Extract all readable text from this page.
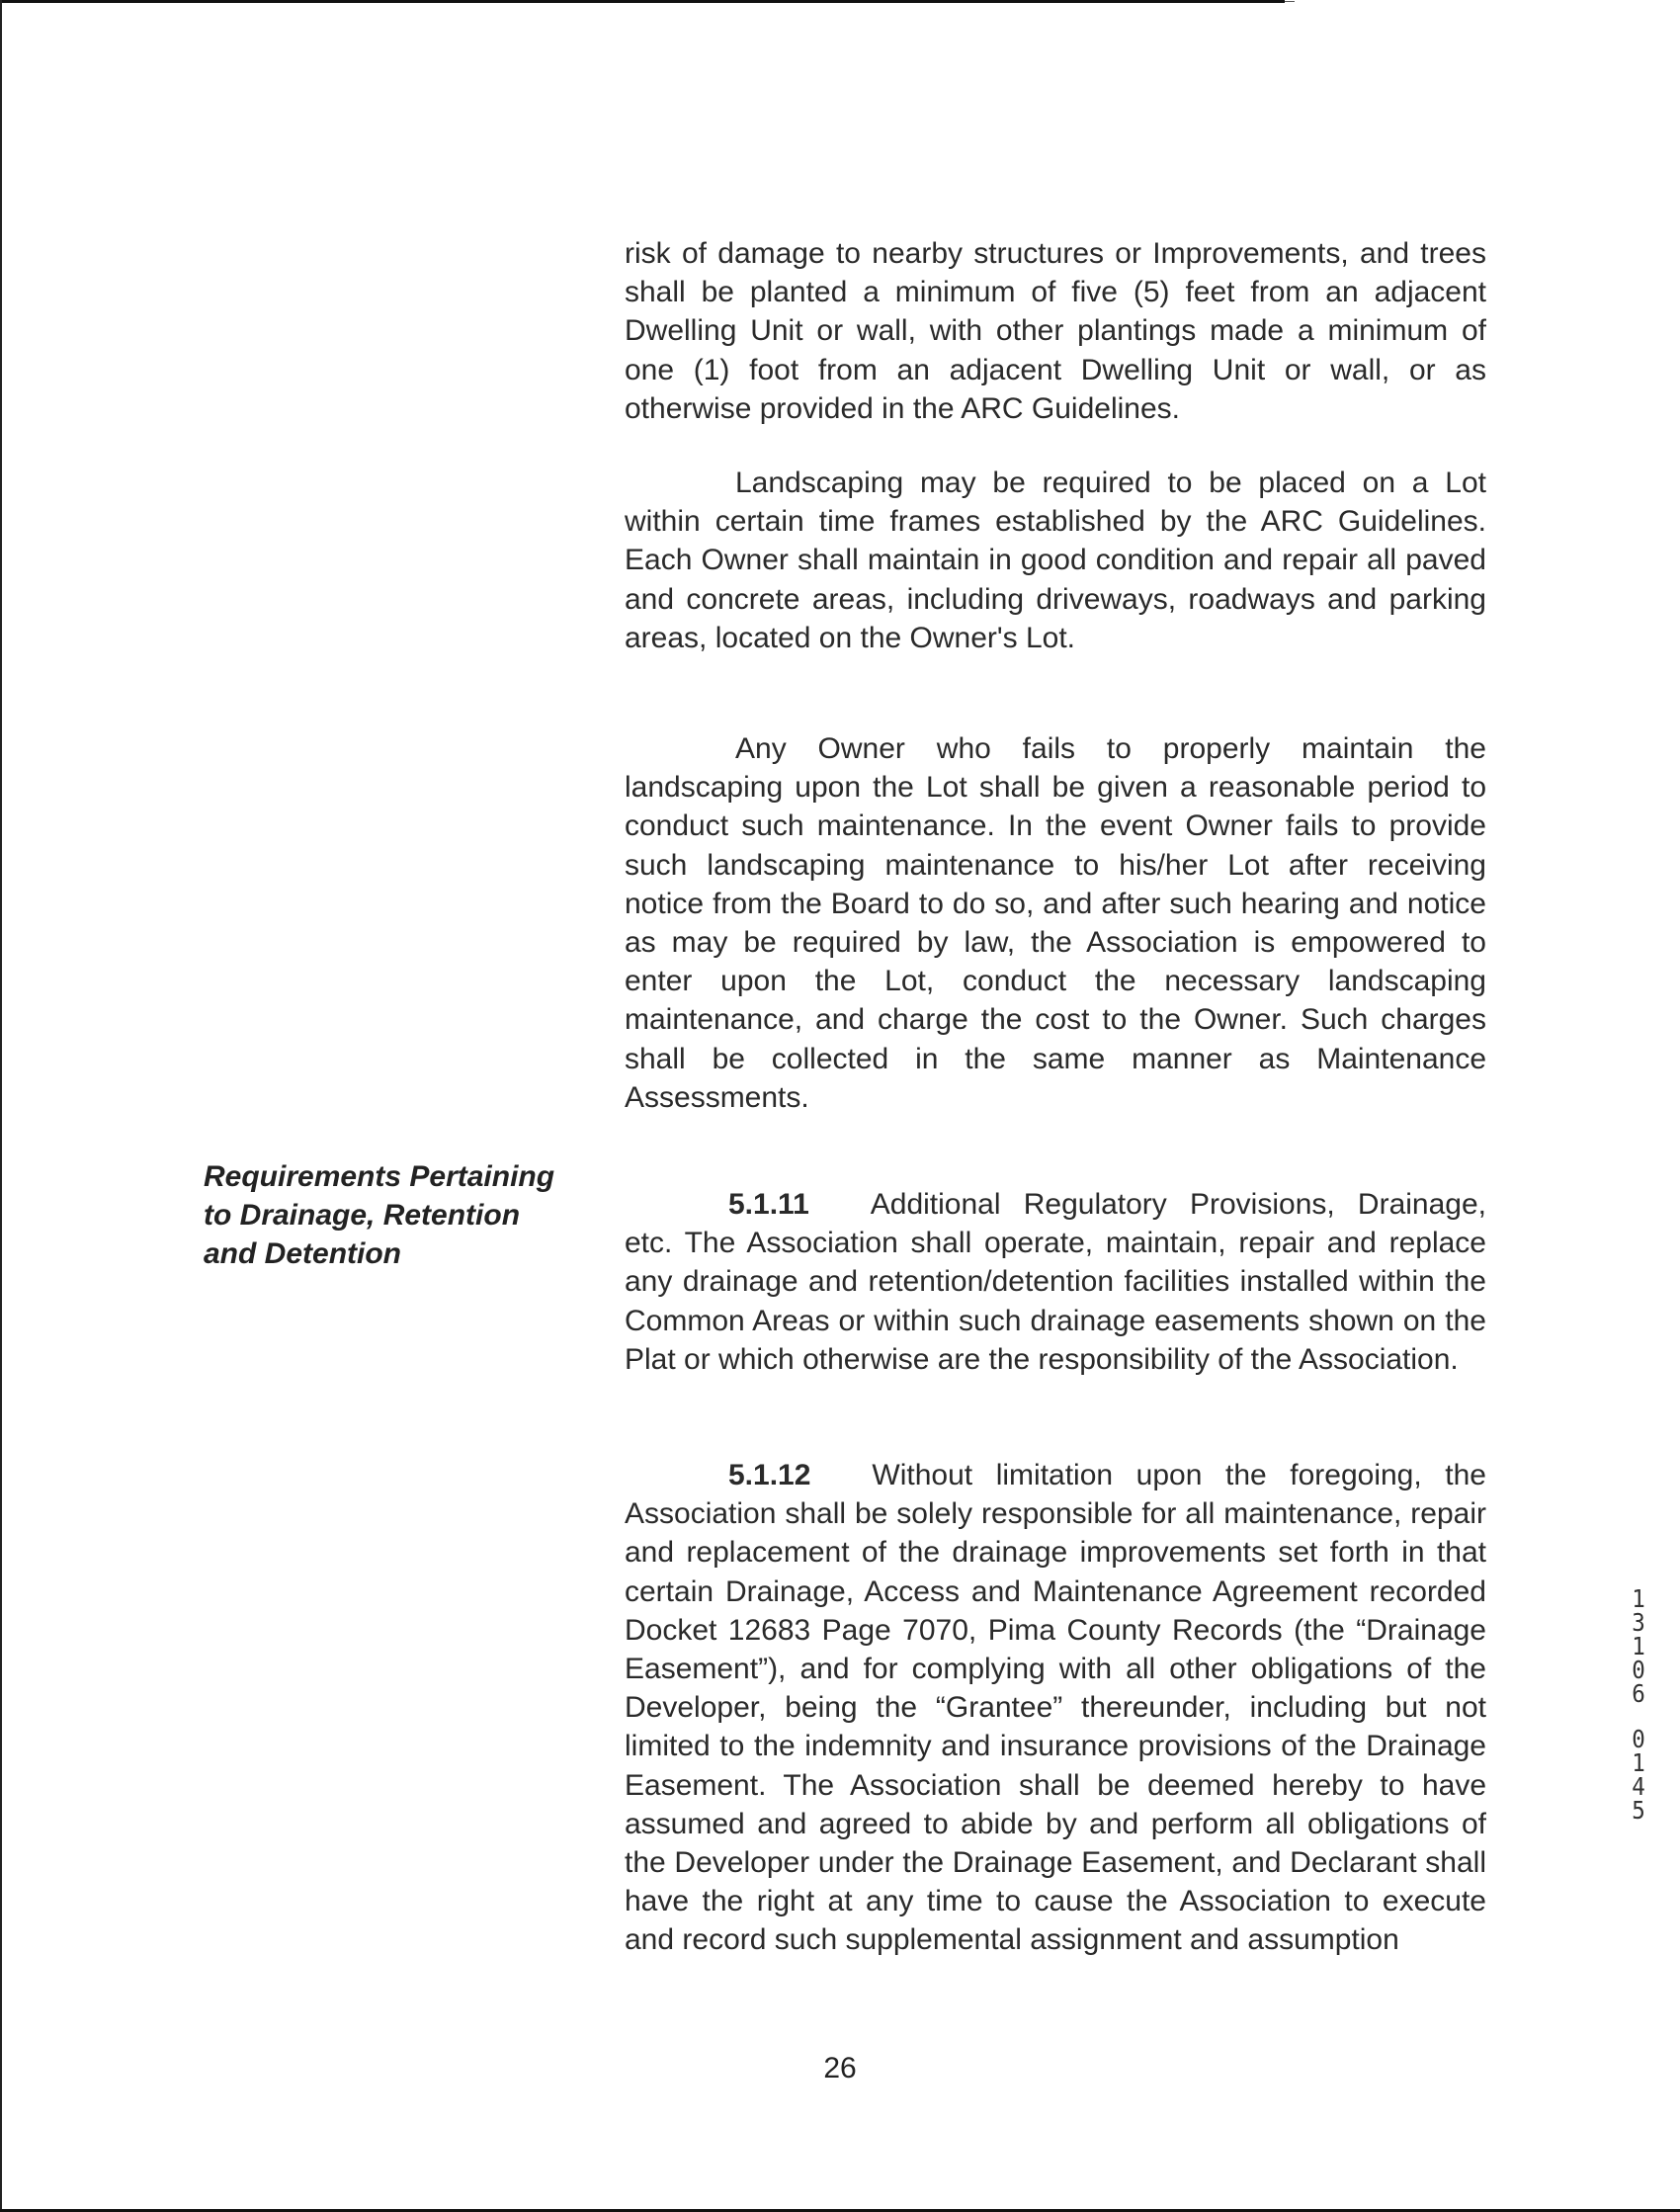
risk of damage to nearby structures or Improvements, and trees shall be planted a minimum of five (5) feet from an adjacent Dwelling Unit or wall, with other plantings made a minimum of one (1) foot from an adjacent Dwelling Unit or wall, or as otherwise provided in the ARC Guidelines.

Landscaping may be required to be placed on a Lot within certain time frames established by the ARC Guidelines. Each Owner shall maintain in good condition and repair all paved and concrete areas, including driveways, roadways and parking areas, located on the Owner's Lot.

Any Owner who fails to properly maintain the landscaping upon the Lot shall be given a reasonable period to conduct such maintenance. In the event Owner fails to provide such landscaping maintenance to his/her Lot after receiving notice from the Board to do so, and after such hearing and notice as may be required by law, the Association is empowered to enter upon the Lot, conduct the necessary landscaping maintenance, and charge the cost to the Owner. Such charges shall be collected in the same manner as Maintenance Assessments.

Requirements Pertaining
to Drainage, Retention
and Detention

5.1.11 Additional Regulatory Provisions, Drainage, etc. The Association shall operate, maintain, repair and replace any drainage and retention/detention facilities installed within the Common Areas or within such drainage easements shown on the Plat or which otherwise are the responsibility of the Association.

5.1.12 Without limitation upon the foregoing, the Association shall be solely responsible for all maintenance, repair and replacement of the drainage improvements set forth in that certain Drainage, Access and Maintenance Agreement recorded Docket 12683 Page 7070, Pima County Records (the “Drainage Easement”), and for complying with all other obligations of the Developer, being the “Grantee” thereunder, including but not limited to the indemnity and insurance provisions of the Drainage Easement. The Association shall be deemed hereby to have assumed and agreed to abide by and perform all obligations of the Developer under the Drainage Easement, and Declarant shall have the right at any time to cause the Association to execute and record such supplemental assignment and assumption

26
1
3
1
0
6
0
1
4
5
